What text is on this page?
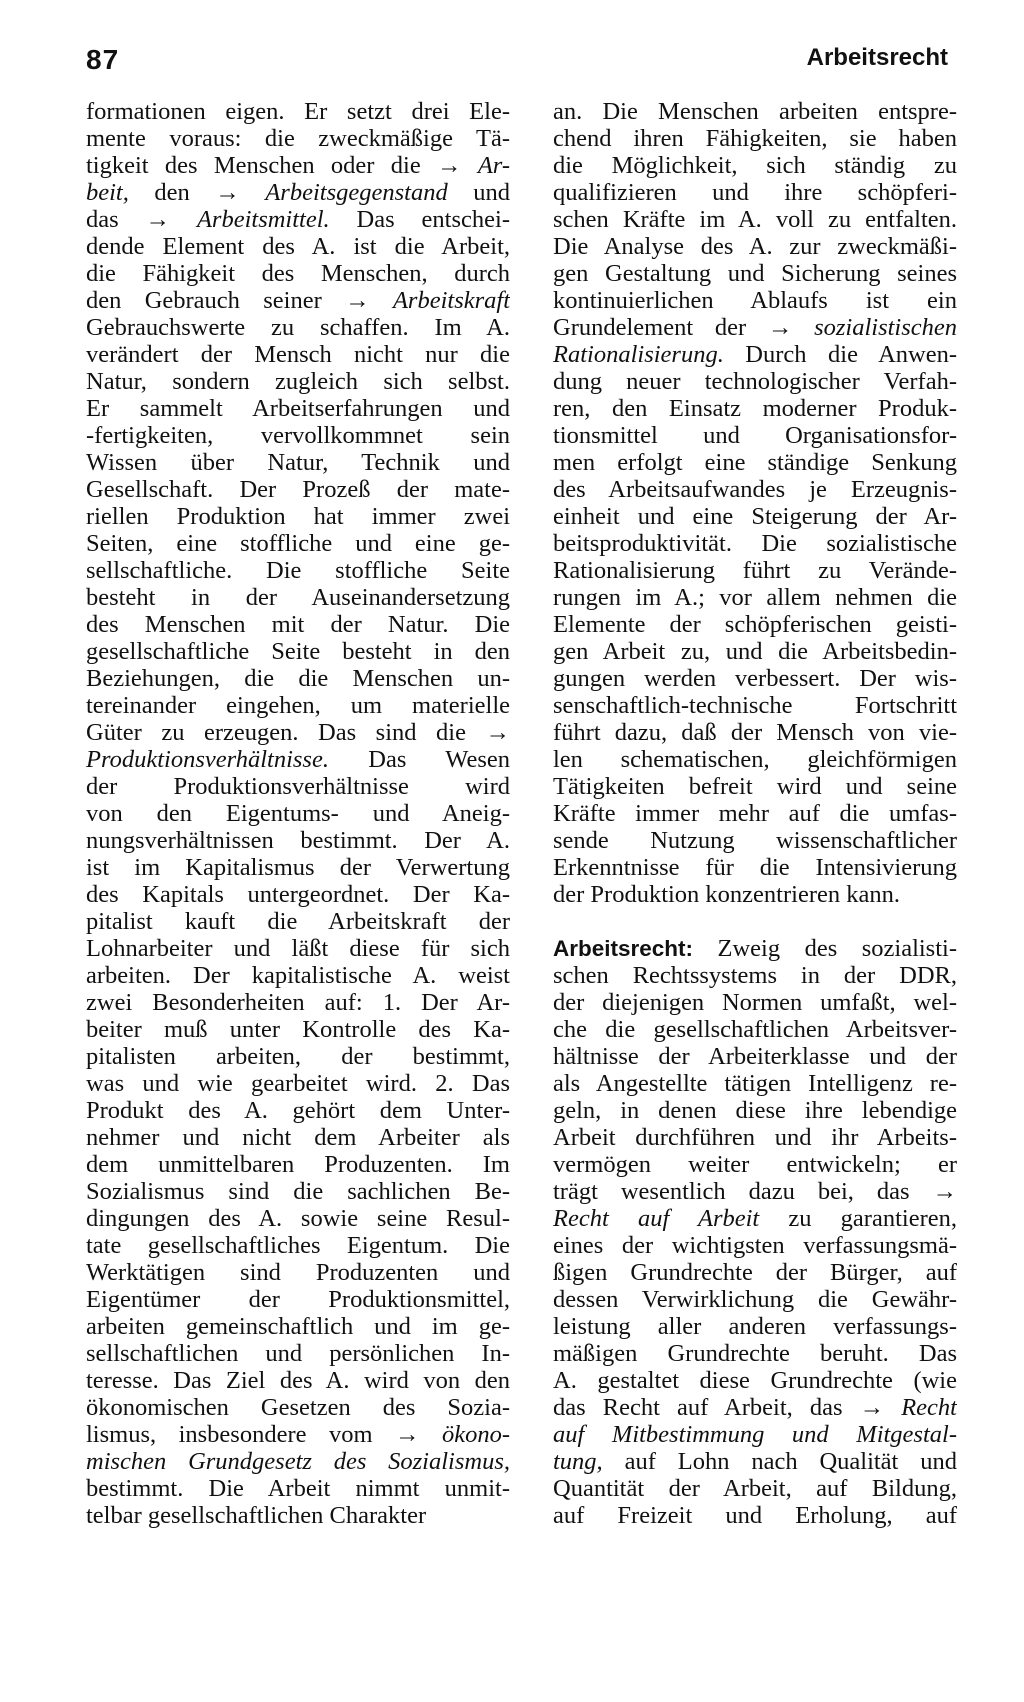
87	Arbeitsrecht
formationen eigen. Er setzt drei Ele-
mente voraus: die zweckmäßige Tä-
tigkeit des Menschen oder die → Ar-
beit, den → Arbeitsgegenstand und
das → Arbeitsmittel. Das entschei-
dende Element des A. ist die Arbeit,
die Fähigkeit des Menschen, durch
den Gebrauch seiner → Arbeitskraft
Gebrauchswerte zu schaffen. Im A.
verändert der Mensch nicht nur die
Natur, sondern zugleich sich selbst.
Er sammelt Arbeitserfahrungen und
-fertigkeiten, vervollkommnet sein
Wissen über Natur, Technik und
Gesellschaft. Der Prozeß der mate-
riellen Produktion hat immer zwei
Seiten, eine stoffliche und eine ge-
sellschaftliche. Die stoffliche Seite
besteht in der Auseinandersetzung
des Menschen mit der Natur. Die
gesellschaftliche Seite besteht in den
Beziehungen, die die Menschen un-
tereinander eingehen, um materielle
Güter zu erzeugen. Das sind die →
Produktionsverhältnisse. Das Wesen
der Produktionsverhältnisse wird
von den Eigentums- und Aneig-
nungsverhältnissen bestimmt. Der A.
ist im Kapitalismus der Verwertung
des Kapitals untergeordnet. Der Ka-
pitalist kauft die Arbeitskraft der
Lohnarbeiter und läßt diese für sich
arbeiten. Der kapitalistische A. weist
zwei Besonderheiten auf: 1. Der Ar-
beiter muß unter Kontrolle des Ka-
pitalisten arbeiten, der bestimmt,
was und wie gearbeitet wird. 2. Das
Produkt des A. gehört dem Unter-
nehmer und nicht dem Arbeiter als
dem unmittelbaren Produzenten. Im
Sozialismus sind die sachlichen Be-
dingungen des A. sowie seine Resul-
tate gesellschaftliches Eigentum. Die
Werktätigen sind Produzenten und
Eigentümer der Produktionsmittel,
arbeiten gemeinschaftlich und im ge-
sellschaftlichen und persönlichen In-
teresse. Das Ziel des A. wird von den
ökonomischen Gesetzen des Sozia-
lismus, insbesondere vom → ökono-
mischen Grundgesetz des Sozialismus,
bestimmt. Die Arbeit nimmt unmit-
telbar gesellschaftlichen Charakter
an. Die Menschen arbeiten entspre-
chend ihren Fähigkeiten, sie haben
die Möglichkeit, sich ständig zu
qualifizieren und ihre schöpferi-
schen Kräfte im A. voll zu entfalten.
Die Analyse des A. zur zweckmäßi-
gen Gestaltung und Sicherung seines
kontinuierlichen Ablaufs ist ein
Grundelement der → sozialistischen
Rationalisierung. Durch die Anwen-
dung neuer technologischer Verfah-
ren, den Einsatz moderner Produk-
tionsmittel und Organisationsfor-
men erfolgt eine ständige Senkung
des Arbeitsaufwandes je Erzeugnis-
einheit und eine Steigerung der Ar-
beitsproduktivität. Die sozialistische
Rationalisierung führt zu Verände-
rungen im A.; vor allem nehmen die
Elemente der schöpferischen geisti-
gen Arbeit zu, und die Arbeitsbedin-
gungen werden verbessert. Der wis-
senschaftlich-technische Fortschritt
führt dazu, daß der Mensch von vie-
len schematischen, gleichförmigen
Tätigkeiten befreit wird und seine
Kräfte immer mehr auf die umfas-
sende Nutzung wissenschaftlicher
Erkenntnisse für die Intensivierung
der Produktion konzentrieren kann.
Arbeitsrecht: Zweig des sozialisti-
schen Rechtssystems in der DDR,
der diejenigen Normen umfaßt, wel-
che die gesellschaftlichen Arbeitsver-
hältnisse der Arbeiterklasse und der
als Angestellte tätigen Intelligenz re-
geln, in denen diese ihre lebendige
Arbeit durchführen und ihr Arbeits-
vermögen weiter entwickeln; er
trägt wesentlich dazu bei, das →
Recht auf Arbeit zu garantieren,
eines der wichtigsten verfassungsmä-
ßigen Grundrechte der Bürger, auf
dessen Verwirklichung die Gewähr-
leistung aller anderen verfassungs-
mäßigen Grundrechte beruht. Das
A. gestaltet diese Grundrechte (wie
das Recht auf Arbeit, das → Recht
auf Mitbestimmung und Mitgestal-
tung, auf Lohn nach Qualität und
Quantität der Arbeit, auf Bildung,
auf Freizeit und Erholung, auf
